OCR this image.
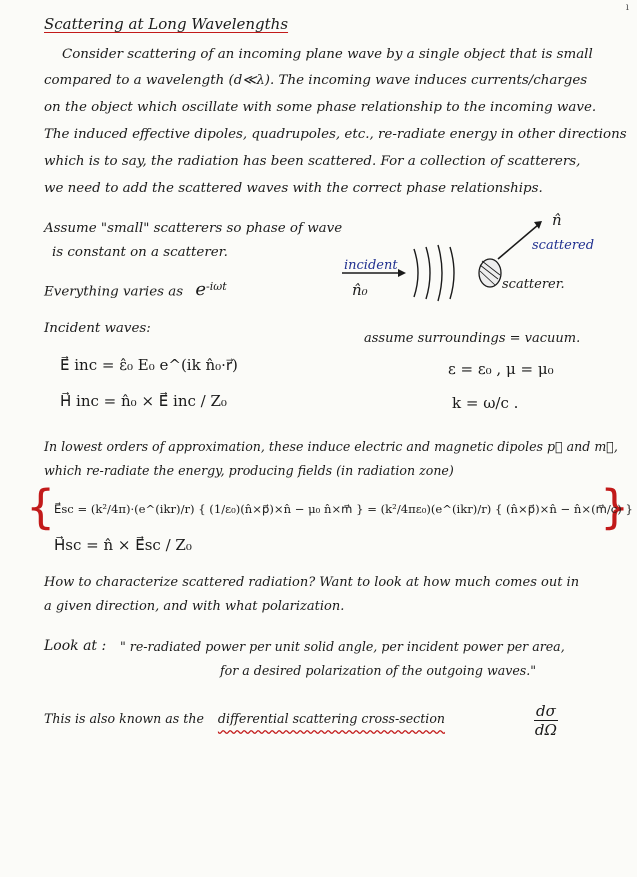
ı
Scattering at Long Wavelengths
Consider scattering of an incoming plane wave by a single object that is small
compared to a wavelength (d≪λ). The incoming wave induces currents/charges
on the object which oscillate with some phase relationship to the incoming wave.
The induced effective dipoles, quadrupoles, etc., re-radiate energy in other directions
which is to say, the radiation has been scattered. For a collection of scatterers,
we need to add the scattered waves with the correct phase relationships.
Assume "small" scatterers so phase of wave
is constant on a scatterer.
Everything varies as $e^{-i\omega t}$
incident
n̂₀
n̂
scattered
scatterer.
Incident waves:
E⃗ inc = ε̂₀ E₀ e^(ik n̂₀·r⃗)
H⃗ inc = n̂₀ × E⃗ inc / Z₀
assume surroundings = vacuum.
ε = ε₀ , μ = μ₀
k = ω/c .
In lowest orders of approximation, these induce electric and magnetic dipoles p⃗ and m⃗,
which re-radiate the energy, producing fields (in radiation zone)
{	}
E⃗sc = (k²/4π)·(e^(ikr)/r) { (1/ε₀)(n̂×p⃗)×n̂ − μ₀ n̂×m⃗ } = (k²/4πε₀)(e^(ikr)/r) { (n̂×p⃗)×n̂ − n̂×(m⃗/c) }
H⃗sc = n̂ × E⃗sc / Z₀
How to characterize scattered radiation? Want to look at how much comes out in
a given direction, and with what polarization.
Look at : " re-radiated power per unit solid angle, per incident power per area,
for a desired polarization of the outgoing waves."
This is also known as the differential scattering cross-section	$\frac{d\sigma}{d\Omega}$
